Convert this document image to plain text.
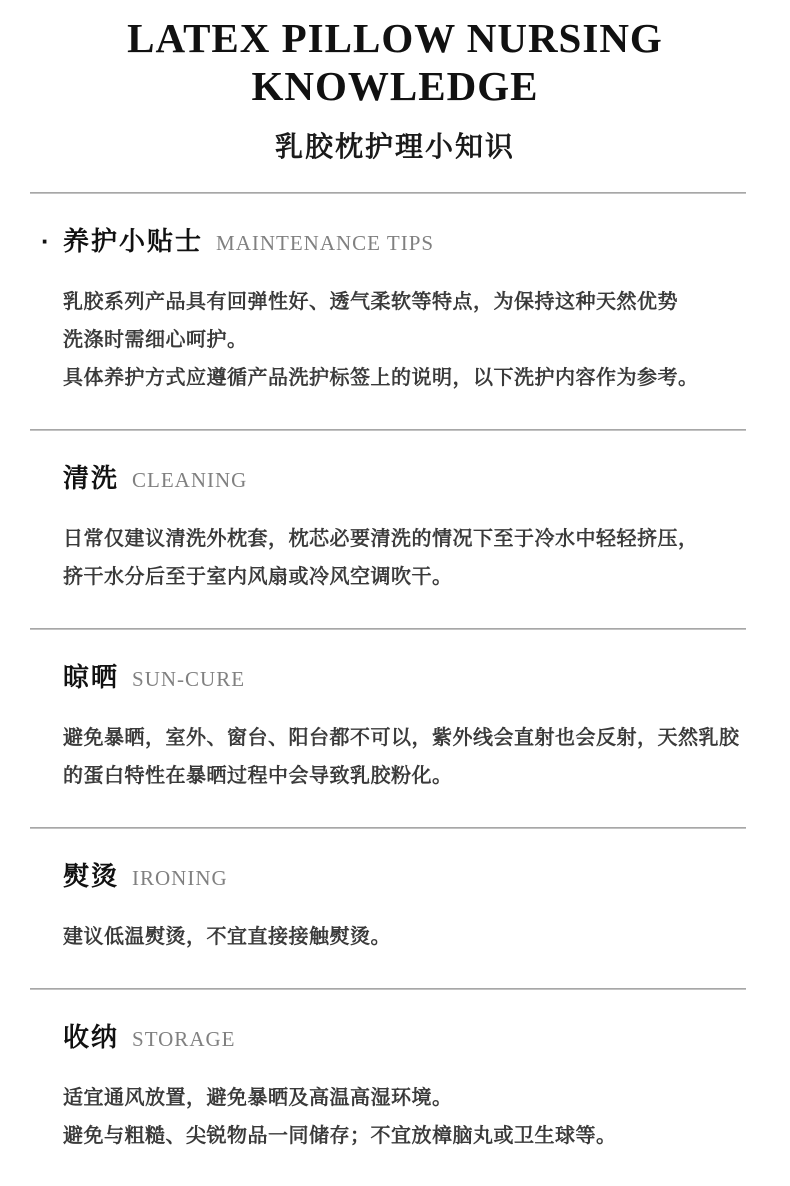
LATEX PILLOW NURSING
KNOWLEDGE
乳胶枕护理小知识
· 养护小贴士 MAINTENANCE TIPS
乳胶系列产品具有回弹性好、透气柔软等特点，为保持这种天然优势
洗涤时需细心呵护。
具体养护方式应遵循产品洗护标签上的说明，以下洗护内容作为参考。
清洗 CLEANING
日常仅建议清洗外枕套，枕芯必要清洗的情况下至于冷水中轻轻挤压，
挤干水分后至于室内风扇或冷风空调吹干。
晾晒 SUN-CURE
避免暴晒，室外、窗台、阳台都不可以，紫外线会直射也会反射，天然乳胶
的蛋白特性在暴晒过程中会导致乳胶粉化。
熨烫 IRONING
建议低温熨烫，不宜直接接触熨烫。
收纳 STORAGE
适宜通风放置，避免暴晒及高温高湿环境。
避免与粗糙、尖锐物品一同储存；不宜放樟脑丸或卫生球等。
